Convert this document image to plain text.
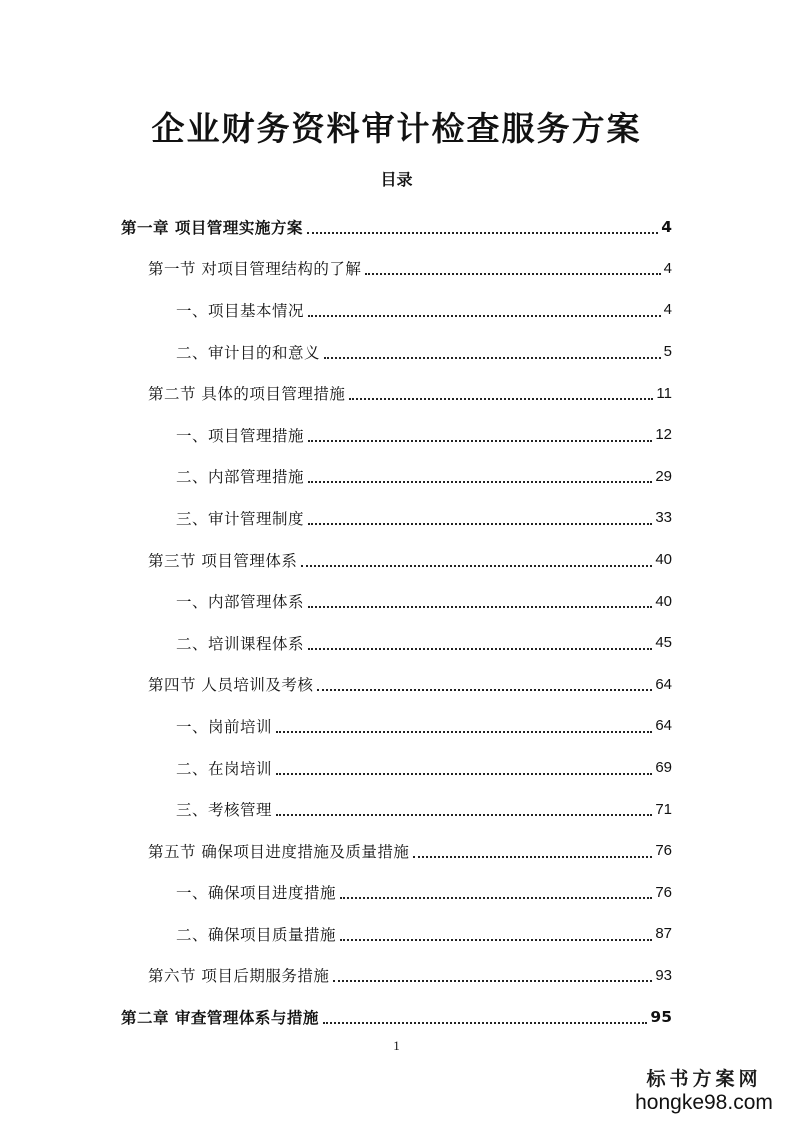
企业财务资料审计检查服务方案
目录
第一章 项目管理实施方案	4
第一节 对项目管理结构的了解	4
一、项目基本情况	4
二、审计目的和意义	5
第二节 具体的项目管理措施	11
一、项目管理措施	12
二、内部管理措施	29
三、审计管理制度	33
第三节 项目管理体系	40
一、内部管理体系	40
二、培训课程体系	45
第四节 人员培训及考核	64
一、岗前培训	64
二、在岗培训	69
三、考核管理	71
第五节 确保项目进度措施及质量措施	76
一、确保项目进度措施	76
二、确保项目质量措施	87
第六节 项目后期服务措施	93
第二章 审查管理体系与措施	95
1
标书方案网
hongke98.com
